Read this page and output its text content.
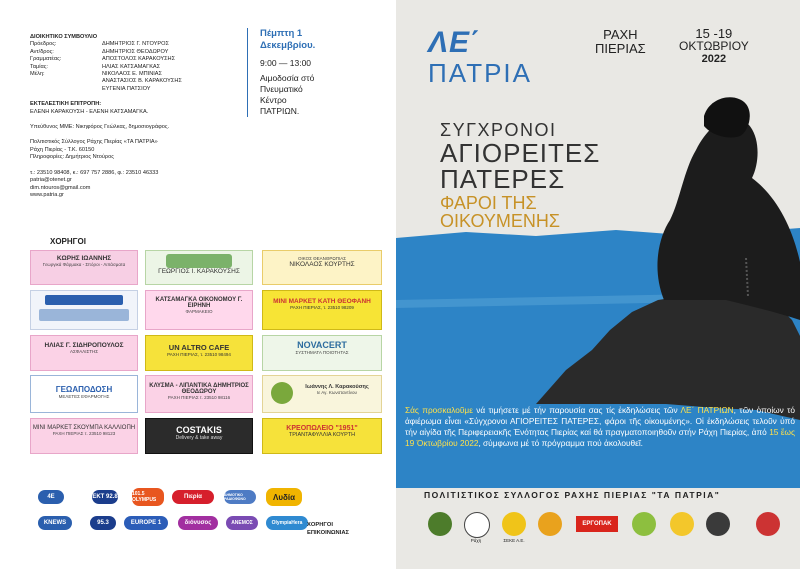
ΔΙΟΙΚΗΤΙΚΟ ΣΥΜΒΟΥΛΙΟ
Πρόεδρος:	ΔΗΜΗΤΡΙΟΣ Γ. ΝΤΟΥΡΟΣ
Αντ/δρος:	ΔΗΜΗΤΡΙΟΣ ΘΕΟΔΩΡΟΥ
Γραμματέας:	ΑΠΟΣΤΟΛΟΣ ΚΑΡΑΚΟΥΣΗΣ
Ταμίας:	ΗΛΙΑΣ ΚΑΤΣΑΜΑΓΚΑΣ
Μέλη:	ΝΙΚΟΛΑΟΣ Ε. ΜΠΙΝΙΑΣ
ΑΝΑΣΤΑΣΙΟΣ Β. ΚΑΡΑΚΟΥΣΗΣ
ΕΥΓΕΝΙΑ ΠΑΤΣΙΟΥ
ΕΚΤΕΛΕΣΤΙΚΗ ΕΠΙΤΡΟΠΗ:
ΕΛΕΝΗ ΚΑΡΑΚΟΥΣΗ - ΕΛΕΝΗ ΚΑΤΣΑΜΑΓΚΑ.
Υπεύθυνος ΜΜΕ: Νικηφόρος Γεώλκας, δημοσιογράφος.
Πολιτιστικός Σύλλογος Ράχης Πιερίας «ΤΑ ΠΑΤΡΙΑ»
Ράχη Πιερίας - Τ.Κ. 60150
Πληροφορίες: Δημήτριος Ντούρος
τ.: 23510 98408, κ.: 697 757 2886, φ.: 23510 46333
patria@otenet.gr
dim.ntouros@gmail.com
www.patria.gr
Πέμπτη 1
Δεκεμβρίου.
9:00 — 13:00
Αιμοδοσία στό
Πνευματικό
Κέντρο
ΠΑΤΡΙΩΝ.
ΧΟΡΗΓΟΙ
ΚΩΡΗΣ ΙΩΑΝΝΗΣ
Γεωργικά Φάρμακα - Σπόροι - Λιπάσματα
ΓΕΩΡΓΙΟΣ Ι. ΚΑΡΑΚΟΥΣΗΣ
ΟΙΚΟΣ ΘΕΑΝΘΡΩΠΙΑΣ
ΝΙΚΟΛΑΟΣ ΚΟΥΡΤΗΣ
ΚΑΤΣΑΜΑΓΚΑ ΟΙΚΟΝΟΜΟΥ Γ. ΕΙΡΗΝΗ
ΦΑΡΜΑΚΕΙΟ
ΜΙΝΙ ΜΑΡΚΕΤ ΚΑΤΗ ΘΕΟΦΑΝΗ
ΡΑΧΗ ΠΙΕΡΙΑΣ, τ. 23510 98209
ΗΛΙΑΣ Γ. ΣΙΔΗΡΟΠΟΥΛΟΣ
ΑΣΦΑΛΙΣΤΗΣ	UN ALTRO CAFE
ΡΑΧΗ ΠΙΕΡΙΑΣ, τ. 23510 98494
NOVACERT
ΣΥΣΤΗΜΑΤΑ ΠΟΙΟΤΗΤΑΣ
ΓΕΩΑΠΟΔΟΣΗ
ΜΕΛΕΤΕΣ ΕΦΑΡΜΟΓΗΣ
ΚΛΥΣΜΑ - ΛΙΠΑΝΤΙΚΑ ΔΗΜΗΤΡΙΟΣ ΘΕΟΔΩΡΟΥ
ΡΑΧΗ ΠΙΕΡΙΑΣ τ. 23510 98116
Ιωάννης Λ. Καρακούσης
Ιε Αγ. Κωνσταντίνου
ΜΙΝΙ ΜΑΡΚΕΤ ΣΚΟΥΜΠΑ ΚΑΛΛΙΟΠΗ
ΡΑΧΗ ΠΙΕΡΙΑΣ τ. 23510 98123	COSTAKIS
Delivery & take away
ΚΡΕΟΠΩΛΕΙΟ "1951"
ΤΡΙΑΝΤΑΦΥΛΛΙΑ ΚΟΥΡΤΗ
4E	ΕΚΤ 92.8	101.5 OLYMPUS	Πιερία	ΔΗΜΟΤΙΚΟ ΡΑΔΙΟΦΩΝΟ	Λυδία
KNEWS	95.3	EUROPE 1	διόνυσος	ΑΝΕΜΟΣ	OlympiaHera ΧΟΡΗΓΟΙ
ΕΠΙΚΟΙΝΩΝΙΑΣ
ΛΕ΄
ΠΑΤΡΙΑ
ΡΑΧΗ
ΠΙΕΡΙΑΣ
15 -19
ΟΚΤΩΒΡΙΟΥ
2022
ΣΥΓΧΡΟΝΟΙ
ΑΓΙΟΡΕΙΤΕΣ
ΠΑΤΕΡΕΣ
ΦΑΡΟΙ ΤΗΣ
ΟΙΚΟΥΜΕΝΗΣ
Σάς προσκαλοῦμε νά τιμήσετε μέ τήν παρουσία σας τίς ἐκδηλώσεις τῶν ΛΕ΄ ΠΑΤΡΙΩΝ, τῶν ὁποίων τό ἀφιέρωμα εἶναι «Σύγχρονοι ΑΓΙΟΡΕΙΤΕΣ ΠΑΤΕΡΕΣ, φάροι τῆς οἰκουμένης». Οἱ ἐκδηλώσεις τελοῦν ὑπό τήν αἰγίδα τῆς Περιφερειακῆς Ἑνότητας Πιερίας καί θά πραγματοποιηθοῦν στήν Ράχη Πιερίας, ἀπό 15 ἕως 19 Ὀκτωβρίου 2022, σύμφωνα μέ τό πρόγραμμα πού ἀκολουθεῖ.
ΠΟΛΙΤΙΣΤΙΚΟΣ ΣΥΛΛΟΓΟΣ ΡΑΧΗΣ ΠΙΕΡΙΑΣ "ΤΑ ΠΑΤΡΙΑ"
Ράχη	ΣΕΚΕ Α.Ε.
ΕΡΓΟΠΑΚ
